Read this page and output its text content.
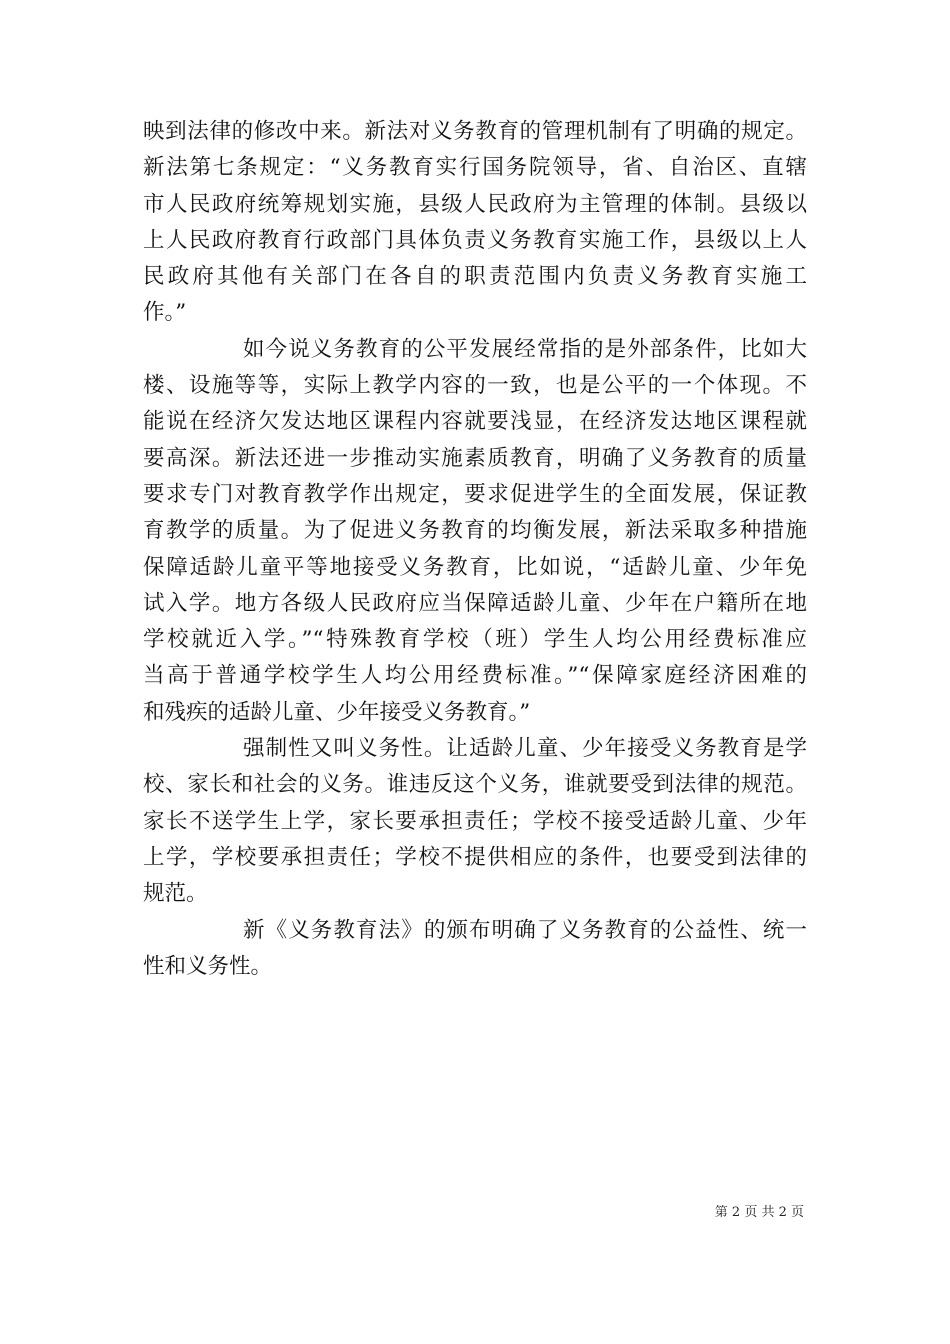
映到法律的修改中来。新法对义务教育的管理机制有了明确的规定。
新法第七条规定：“义务教育实行国务院领导，省、自治区、直辖
市人民政府统筹规划实施，县级人民政府为主管理的体制。县级以
上人民政府教育行政部门具体负责义务教育实施工作，县级以上人
民政府其他有关部门在各自的职责范围内负责义务教育实施工
作。”
如今说义务教育的公平发展经常指的是外部条件，比如大
楼、设施等等，实际上教学内容的一致，也是公平的一个体现。不
能说在经济欠发达地区课程内容就要浅显，在经济发达地区课程就
要高深。新法还进一步推动实施素质教育，明确了义务教育的质量
要求专门对教育教学作出规定，要求促进学生的全面发展，保证教
育教学的质量。为了促进义务教育的均衡发展，新法采取多种措施
保障适龄儿童平等地接受义务教育，比如说，“适龄儿童、少年免
试入学。地方各级人民政府应当保障适龄儿童、少年在户籍所在地
学校就近入学。”“特殊教育学校（班）学生人均公用经费标准应
当高于普通学校学生人均公用经费标准。”“保障家庭经济困难的
和残疾的适龄儿童、少年接受义务教育。”
强制性又叫义务性。让适龄儿童、少年接受义务教育是学
校、家长和社会的义务。谁违反这个义务，谁就要受到法律的规范。
家长不送学生上学，家长要承担责任；学校不接受适龄儿童、少年
上学，学校要承担责任；学校不提供相应的条件，也要受到法律的
规范。
新《义务教育法》的颁布明确了义务教育的公益性、统一
性和义务性。
第 2 页 共 2 页
